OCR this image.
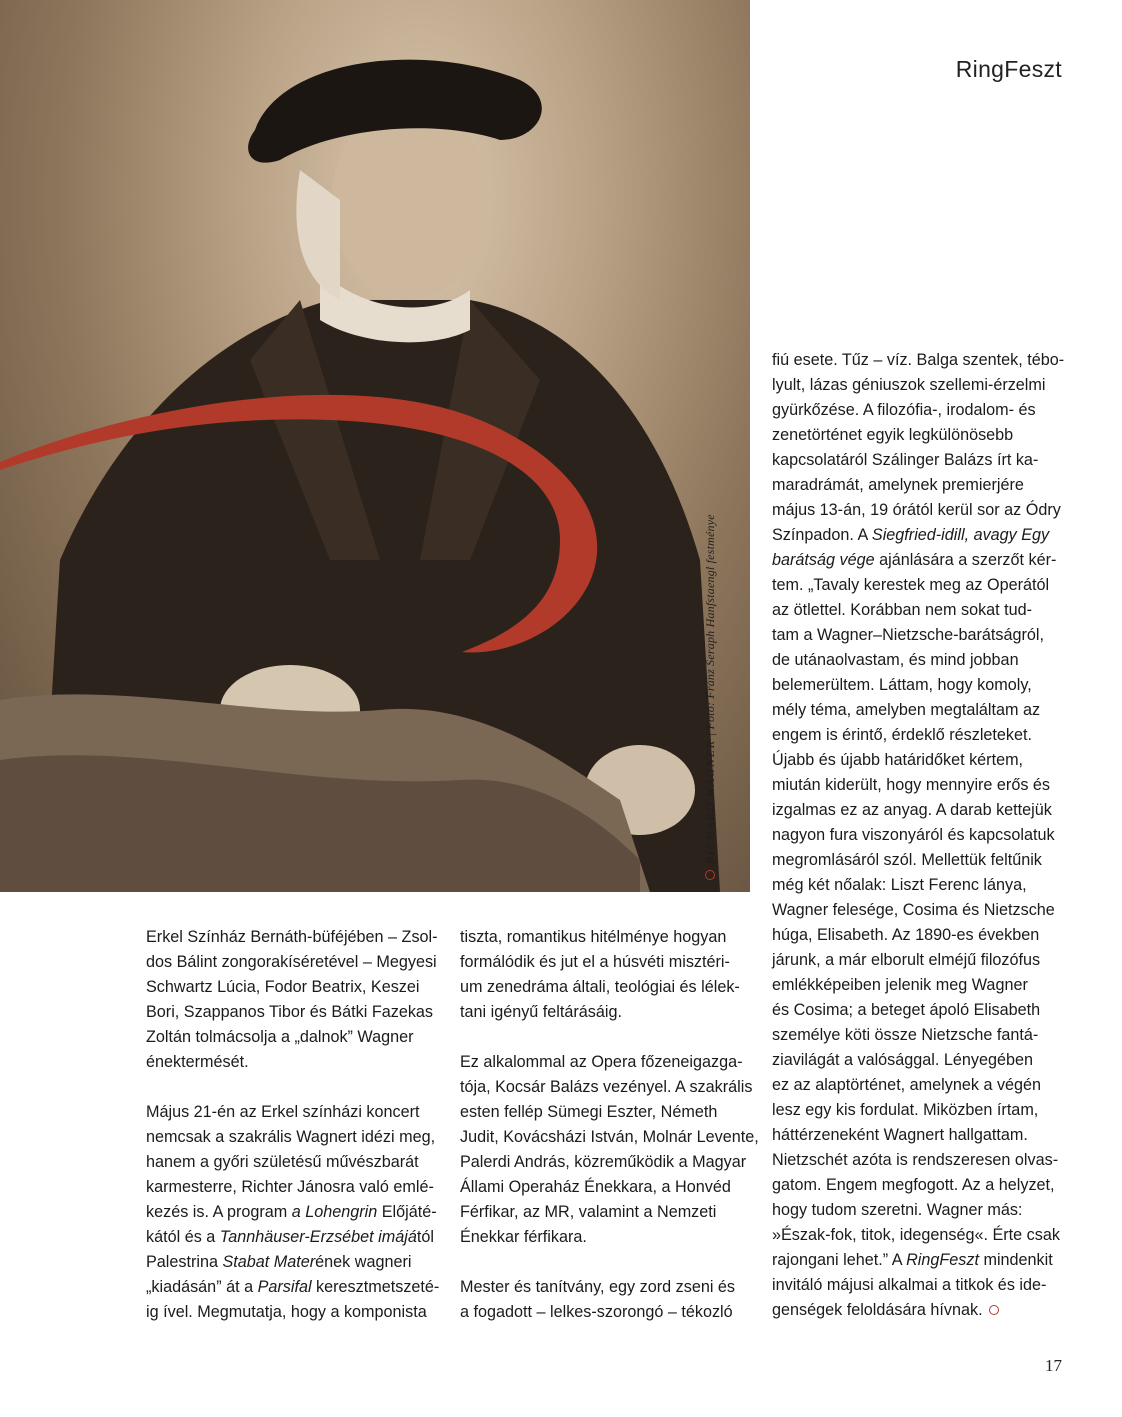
RICHARD WAGNER | Fotó: Franz Seraph Hanfstaengl festménye
RingFeszt

Erkel Színház Bernáth-büféjében – Zsol-
dos Bálint zongorakíséretével – Megyesi
Schwartz Lúcia, Fodor Beatrix, Keszei
Bori, Szappanos Tibor és Bátki Fazekas
Zoltán tolmácsolja a „dalnok” Wagner
énektermését.

Május 21-én az Erkel színházi koncert
nemcsak a szakrális Wagnert idézi meg,
hanem a győri születésű művészbarát
karmesterre, Richter Jánosra való emlé-
kezés is. A program a Lohengrin Előjáté-
kától és a Tannhäuser-Erzsébet imájától
Palestrina Stabat Materének wagneri
„kiadásán” át a Parsifal keresztmetszeté-
ig ível. Megmutatja, hogy a komponista

tiszta, romantikus hitélménye hogyan
formálódik és jut el a húsvéti misztéri-
um zenedráma általi, teológiai és lélek-
tani igényű feltárásáig.

Ez alkalommal az Opera főzeneigazga-
tója, Kocsár Balázs vezényel. A szakrális
esten fellép Sümegi Eszter, Németh
Judit, Kovácsházi István, Molnár Levente,
Palerdi András, közreműködik a Magyar
Állami Operaház Énekkara, a Honvéd
Férfikar, az MR, valamint a Nemzeti
Énekkar férfikara.

Mester és tanítvány, egy zord zseni és
a fogadott – lelkes-szorongó – tékozló

fiú esete. Tűz – víz. Balga szentek, tébo-
lyult, lázas géniuszok szellemi-érzelmi
gyürkőzése. A filozófia-, irodalom- és
zenetörténet egyik legkülönösebb
kapcsolatáról Szálinger Balázs írt ka-
maradrámát, amelynek premierjére
május 13-án, 19 órától kerül sor az Ódry
Színpadon. A Siegfried-idill, avagy Egy
barátság vége ajánlására a szerzőt kér-
tem. „Tavaly kerestek meg az Operától
az ötlettel. Korábban nem sokat tud-
tam a Wagner–Nietzsche-barátságról,
de utánaolvastam, és mind jobban
belemerültem. Láttam, hogy komoly,
mély téma, amelyben megtaláltam az
engem is érintő, érdeklő részleteket.
Újabb és újabb határidőket kértem,
miután kiderült, hogy mennyire erős és
izgalmas ez az anyag. A darab kettejük
nagyon fura viszonyáról és kapcsolatuk
megromlásáról szól. Mellettük feltűnik
még két nőalak: Liszt Ferenc lánya,
Wagner felesége, Cosima és Nietzsche
húga, Elisabeth. Az 1890-es években
járunk, a már elborult elméjű filozófus
emlékképeiben jelenik meg Wagner
és Cosima; a beteget ápoló Elisabeth
személye köti össze Nietzsche fantá-
ziavilágát a valósággal. Lényegében
ez az alaptörténet, amelynek a végén
lesz egy kis fordulat. Miközben írtam,
háttérzeneként Wagnert hallgattam.
Nietzschét azóta is rendszeresen olvas-
gatom. Engem megfogott. Az a helyzet,
hogy tudom szeretni. Wagner más:
»Észak-fok, titok, idegenség«. Érte csak
rajongani lehet.” A RingFeszt mindenkit
invitáló májusi alkalmai a titkok és ide-
genségek feloldására hívnak.

17
